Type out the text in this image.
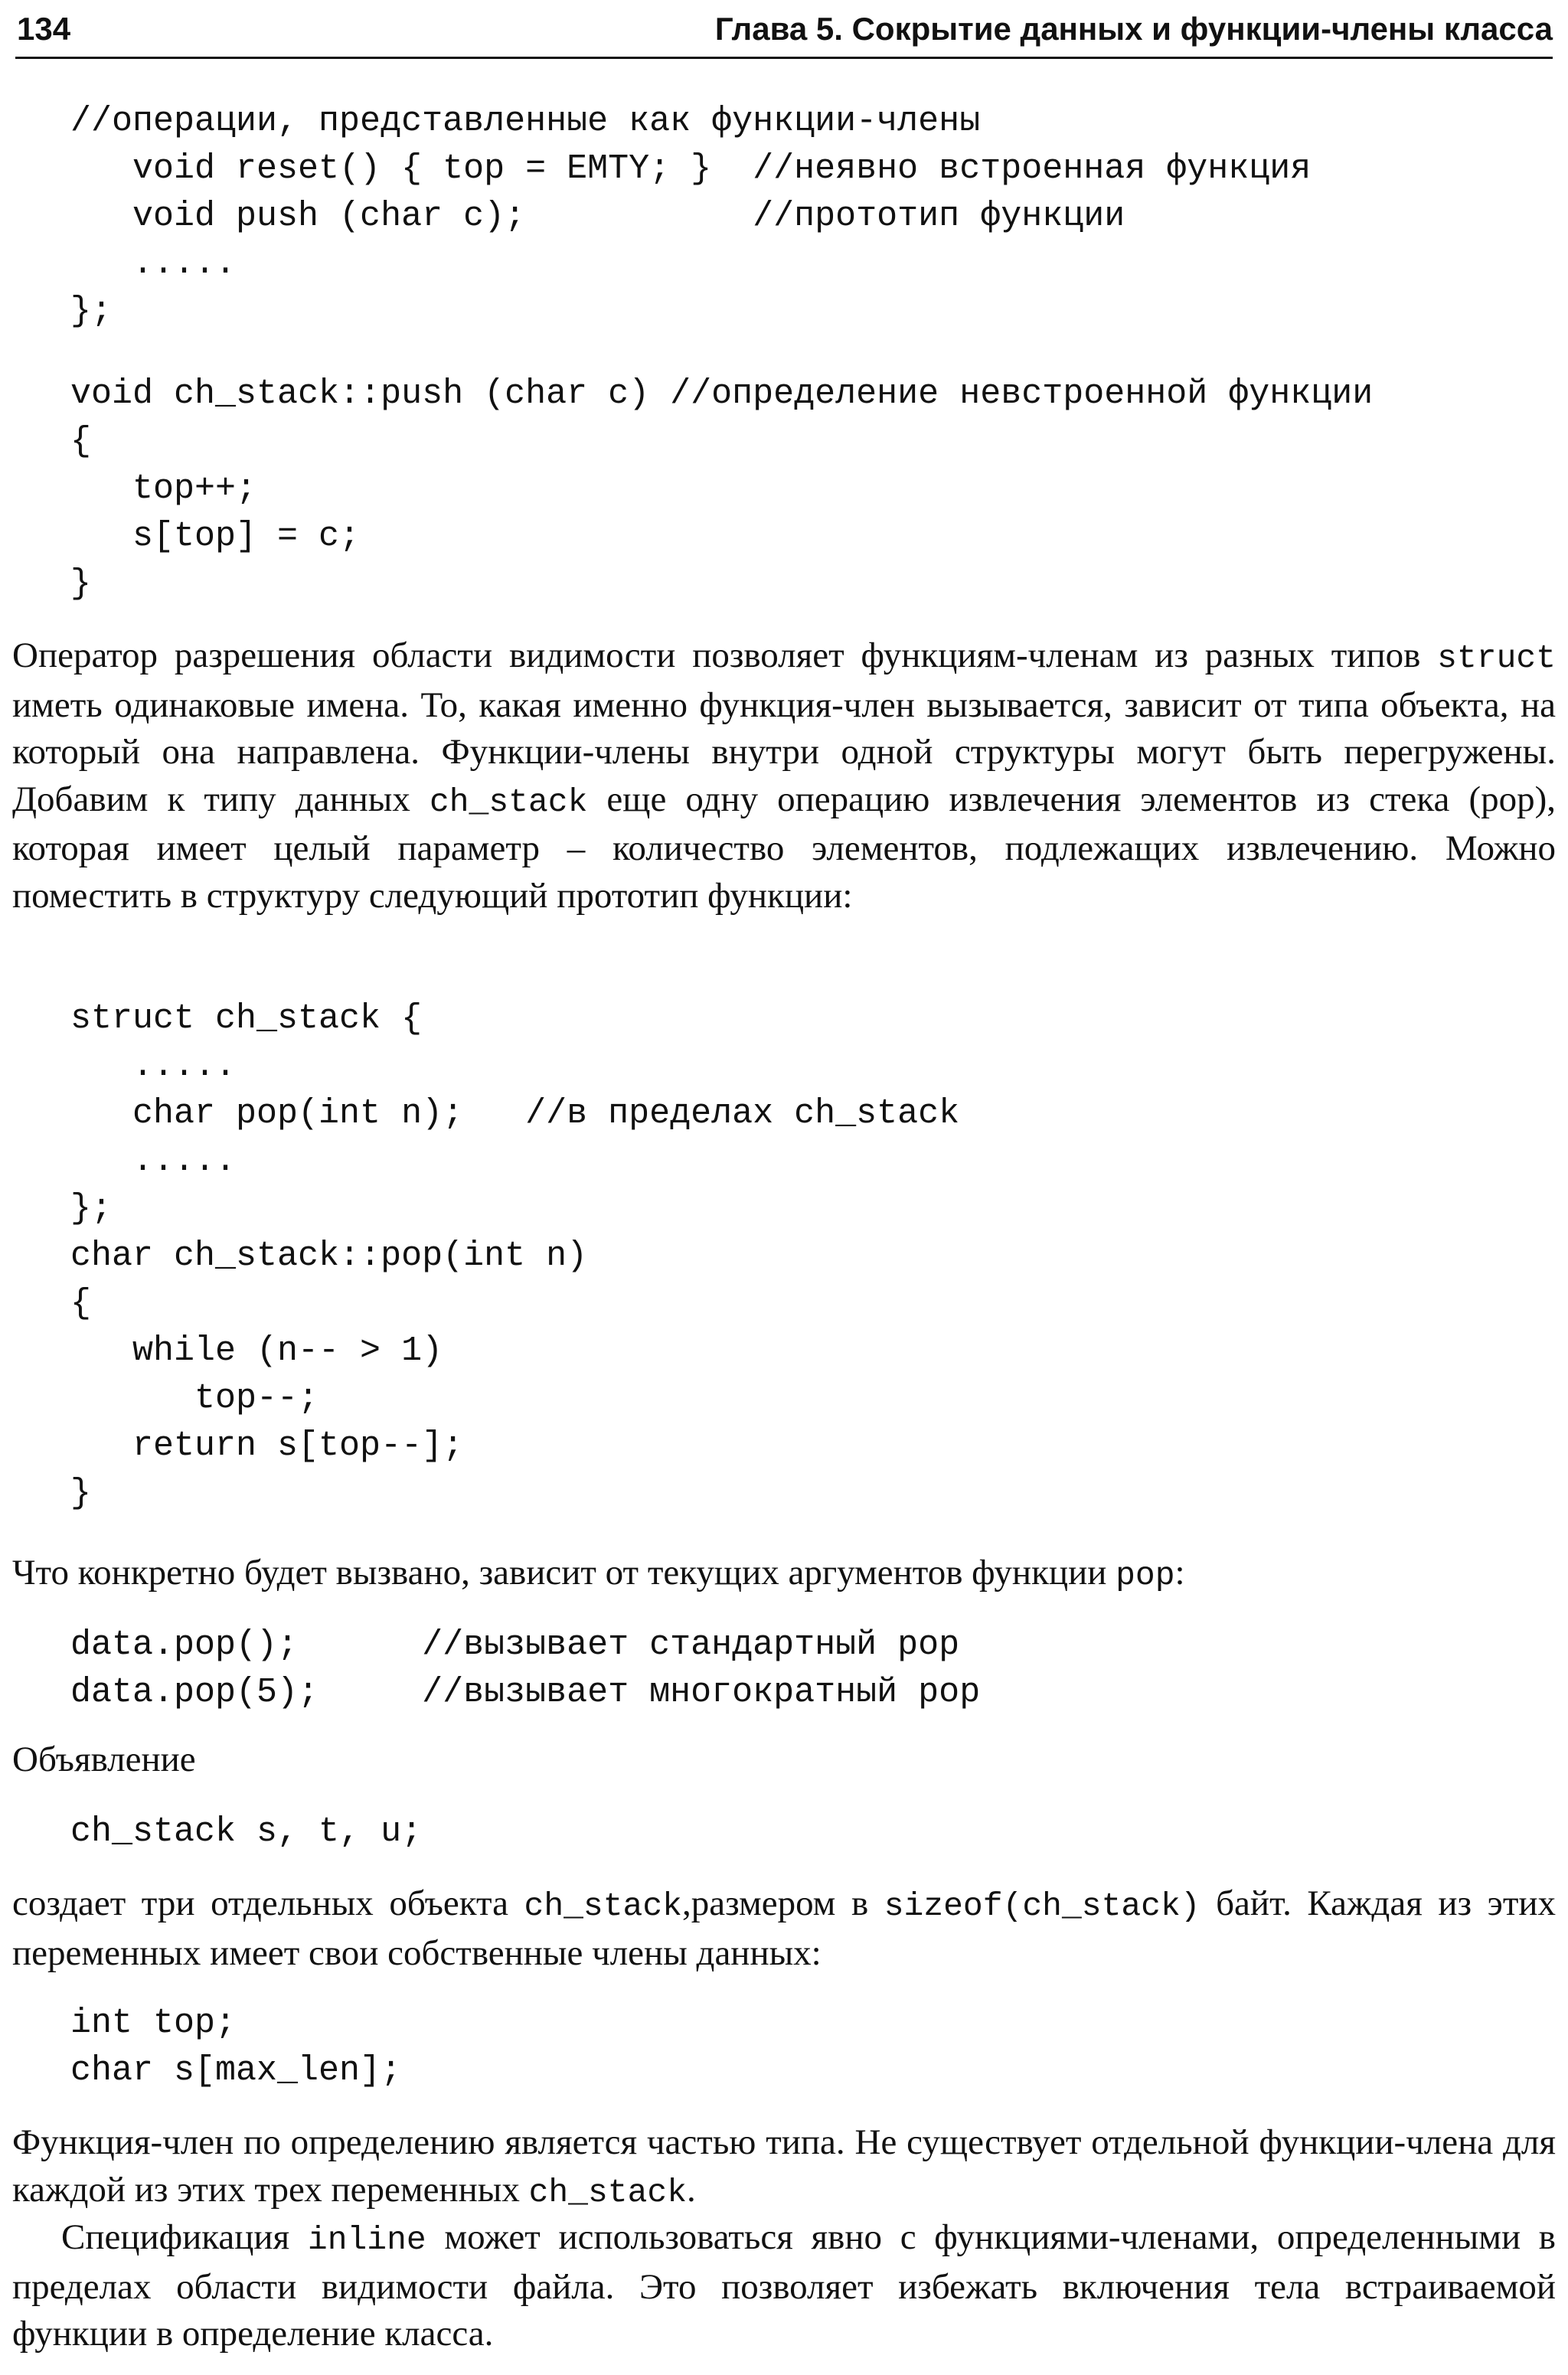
134	Глава 5. Сокрытие данных и функции-члены класса
//операции, представленные как функции-члены
void reset() { top = EMTY; }  //неявно встроенная функция
void push (char c);           //прототип функции
.....
};
void ch_stack::push (char c) //определение невстроенной функции
{
top++;
s[top] = c;
}

Оператор разрешения области видимости позволяет функциям-членам из разных типов struct иметь одинаковые имена. То, какая именно функция-член вызывается, зависит от типа объекта, на который она направлена. Функции-члены внутри одной структуры могут быть перегружены. Добавим к типу данных ch_stack еще одну операцию извлечения элементов из стека (pop), которая имеет целый параметр – количество элементов, подлежащих извлечению. Можно поместить в структуру следующий прототип функции:

struct ch_stack {
.....
char pop(int n);   //в пределах ch_stack
.....
};
char ch_stack::pop(int n)
{
while (n-- > 1)
top--;
return s[top--];
}

Что конкретно будет вызвано, зависит от текущих аргументов функции pop:

data.pop();      //вызывает стандартный pop
data.pop(5);     //вызывает многократный pop

Объявление

ch_stack s, t, u;

создает три отдельных объекта ch_stack,размером в sizeof(ch_stack) байт. Каждая из этих переменных имеет свои собственные члены данных:

int top;
char s[max_len];

Функция-член по определению является частью типа. Не существует отдельной функции-члена для каждой из этих трех переменных ch_stack.

Спецификация inline может использоваться явно с функциями-членами, определенными в пределах области видимости файла. Это позволяет избежать включения тела встраиваемой функции в определение класса.
